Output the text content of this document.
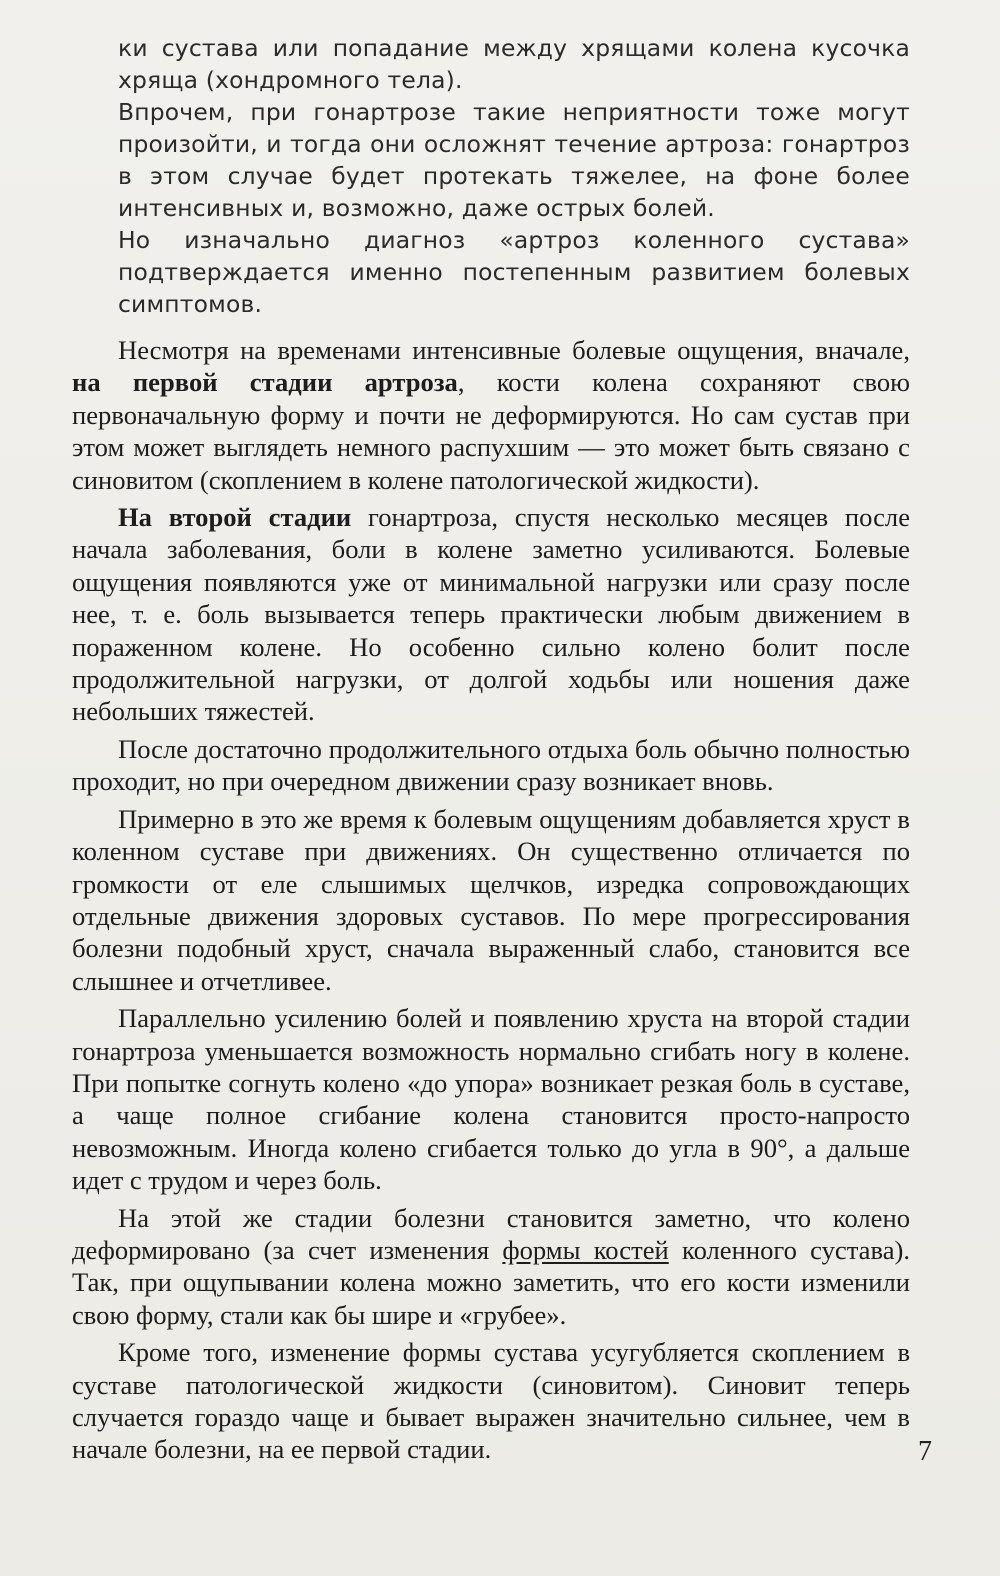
ки сустава или попадание между хрящами колена кусочка хряща (хондромного тела).

Впрочем, при гонартрозе такие неприятности тоже могут произойти, и тогда они осложнят течение артроза: гонартроз в этом случае будет протекать тяжелее, на фоне более интенсивных и, возможно, даже острых болей.

Но изначально диагноз «артроз коленного сустава» подтверждается именно постепенным развитием болевых симптомов.

Несмотря на временами интенсивные болевые ощущения, вначале, на первой стадии артроза, кости колена сохраняют свою первоначальную форму и почти не деформируются. Но сам сустав при этом может выглядеть немного распухшим — это может быть связано с синовитом (скоплением в колене патологической жидкости).

На второй стадии гонартроза, спустя несколько месяцев после начала заболевания, боли в колене заметно усиливаются. Болевые ощущения появляются уже от минимальной нагрузки или сразу после нее, т. е. боль вызывается теперь практически любым движением в пораженном колене. Но особенно сильно колено болит после продолжительной нагрузки, от долгой ходьбы или ношения даже небольших тяжестей.

После достаточно продолжительного отдыха боль обычно полностью проходит, но при очередном движении сразу возникает вновь.

Примерно в это же время к болевым ощущениям добавляется хруст в коленном суставе при движениях. Он существенно отличается по громкости от еле слышимых щелчков, изредка сопровождающих отдельные движения здоровых суставов. По мере прогрессирования болезни подобный хруст, сначала выраженный слабо, становится все слышнее и отчетливее.

Параллельно усилению болей и появлению хруста на второй стадии гонартроза уменьшается возможность нормально сгибать ногу в колене. При попытке согнуть колено «до упора» возникает резкая боль в суставе, а чаще полное сгибание колена становится просто-напросто невозможным. Иногда колено сгибается только до угла в 90°, а дальше идет с трудом и через боль.

На этой же стадии болезни становится заметно, что колено деформировано (за счет изменения формы костей коленного сустава). Так, при ощупывании колена можно заметить, что его кости изменили свою форму, стали как бы шире и «грубее».

Кроме того, изменение формы сустава усугубляется скоплением в суставе патологической жидкости (синовитом). Синовит теперь случается гораздо чаще и бывает выражен значительно сильнее, чем в начале болезни, на ее первой стадии.	7
